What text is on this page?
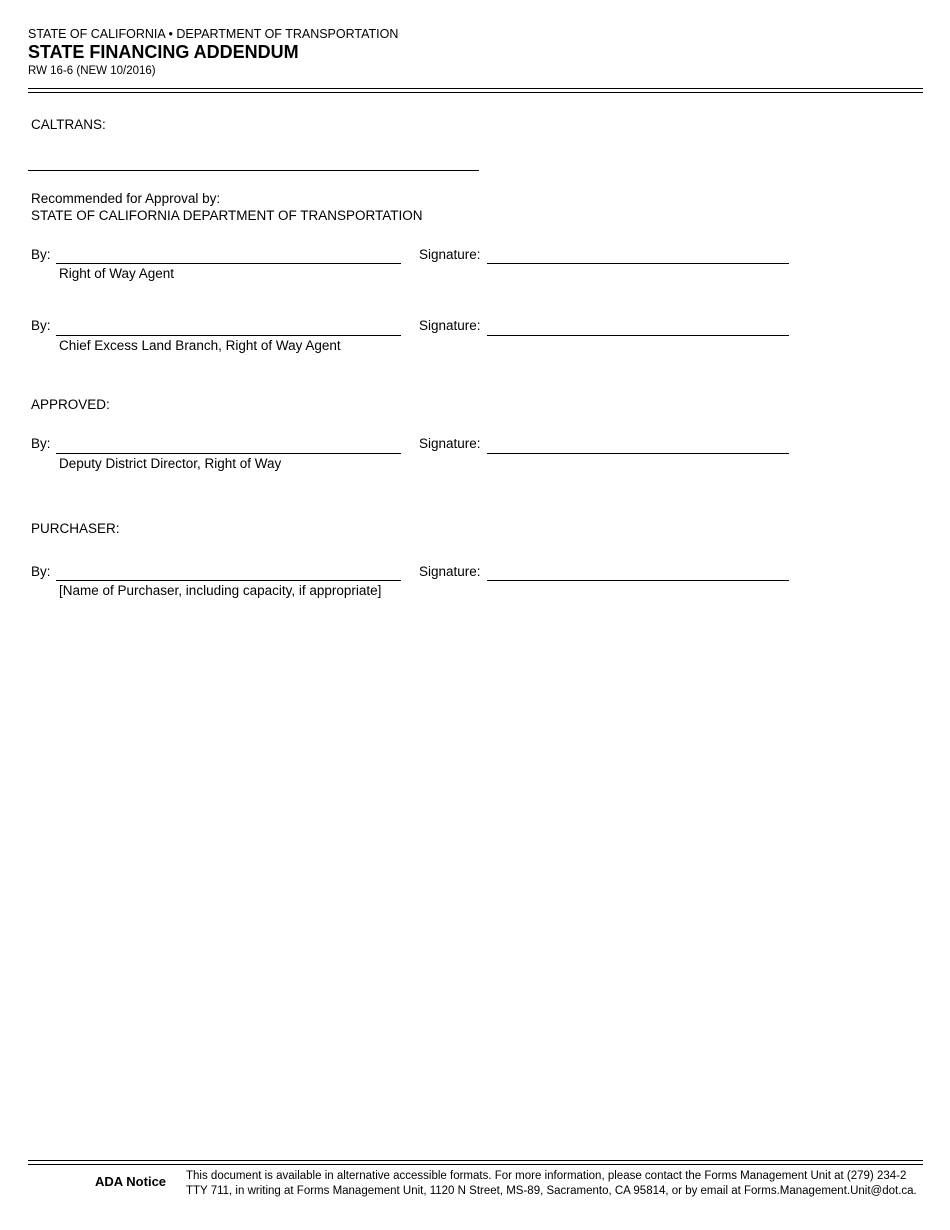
STATE OF CALIFORNIA • DEPARTMENT OF TRANSPORTATION
STATE FINANCING ADDENDUM
RW 16-6 (NEW 10/2016)
CALTRANS:
Recommended for Approval by:
STATE OF CALIFORNIA DEPARTMENT OF TRANSPORTATION
By:	Signature:
Right of Way Agent
By:	Signature:
Chief Excess Land Branch, Right of Way Agent
APPROVED:
By:	Signature:
Deputy District Director, Right of Way
PURCHASER:
By:	Signature:
[Name of Purchaser, including capacity, if appropriate]
ADA Notice This document is available in alternative accessible formats. For more information, please contact the Forms Management Unit at (279) 234-2
TTY 711, in writing at Forms Management Unit, 1120 N Street, MS-89, Sacramento, CA 95814, or by email at Forms.Management.Unit@dot.ca.
